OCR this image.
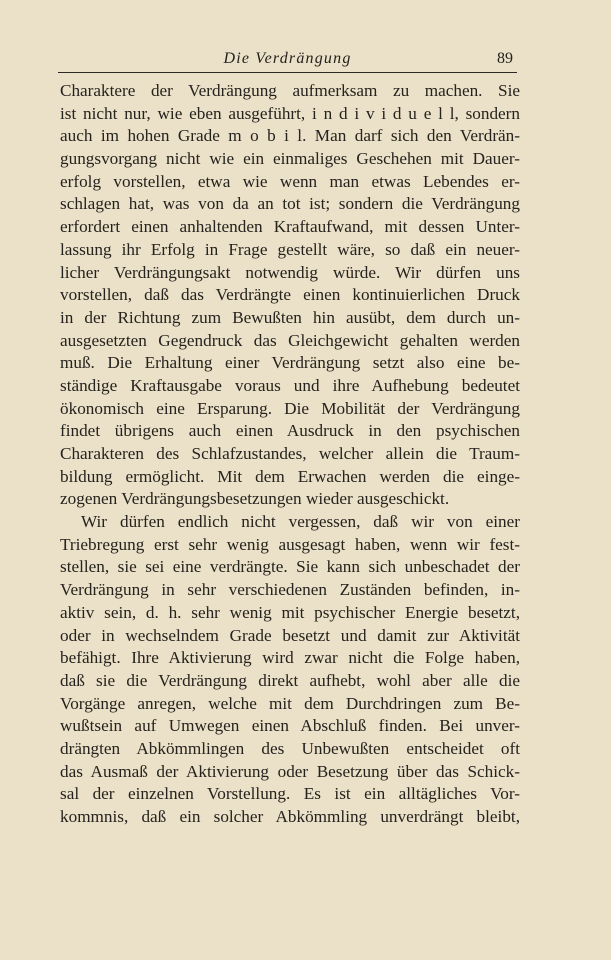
Die Verdrängung	89
Charaktere der Verdrängung aufmerksam zu machen. Sie
ist nicht nur, wie eben ausgeführt, i n d i v i d u e l l, sondern
auch im hohen Grade m o b i l. Man darf sich den Verdrän-
gungsvorgang nicht wie ein einmaliges Geschehen mit Dauer-
erfolg vorstellen, etwa wie wenn man etwas Lebendes er-
schlagen hat, was von da an tot ist; sondern die Verdrängung
erfordert einen anhaltenden Kraftaufwand, mit dessen Unter-
lassung ihr Erfolg in Frage gestellt wäre, so daß ein neuer-
licher Verdrängungsakt notwendig würde. Wir dürfen uns
vorstellen, daß das Verdrängte einen kontinuierlichen Druck
in der Richtung zum Bewußten hin ausübt, dem durch un-
ausgesetzten Gegendruck das Gleichgewicht gehalten werden
muß. Die Erhaltung einer Verdrängung setzt also eine be-
ständige Kraftausgabe voraus und ihre Aufhebung bedeutet
ökonomisch eine Ersparung. Die Mobilität der Verdrängung
findet übrigens auch einen Ausdruck in den psychischen
Charakteren des Schlafzustandes, welcher allein die Traum-
bildung ermöglicht. Mit dem Erwachen werden die einge-
zogenen Verdrängungsbesetzungen wieder ausgeschickt.
Wir dürfen endlich nicht vergessen, daß wir von einer
Triebregung erst sehr wenig ausgesagt haben, wenn wir fest-
stellen, sie sei eine verdrängte. Sie kann sich unbeschadet der
Verdrängung in sehr verschiedenen Zuständen befinden, in-
aktiv sein, d. h. sehr wenig mit psychischer Energie besetzt,
oder in wechselndem Grade besetzt und damit zur Aktivität
befähigt. Ihre Aktivierung wird zwar nicht die Folge haben,
daß sie die Verdrängung direkt aufhebt, wohl aber alle die
Vorgänge anregen, welche mit dem Durchdringen zum Be-
wußtsein auf Umwegen einen Abschluß finden. Bei unver-
drängten Abkömmlingen des Unbewußten entscheidet oft
das Ausmaß der Aktivierung oder Besetzung über das Schick-
sal der einzelnen Vorstellung. Es ist ein alltägliches Vor-
kommnis, daß ein solcher Abkömmling unverdrängt bleibt,
